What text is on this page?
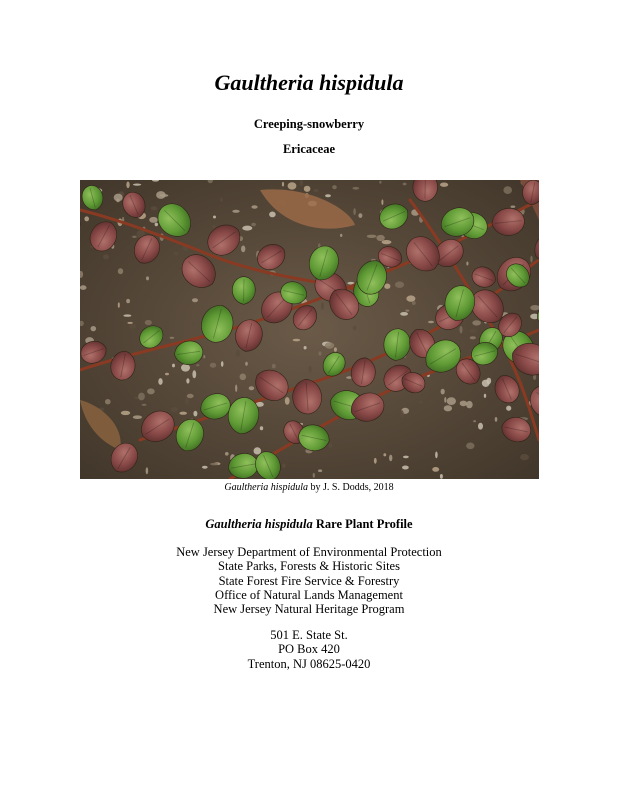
Gaultheria hispidula
Creeping-snowberry
Ericaceae
Gaultheria hispidula by J. S. Dodds, 2018
Gaultheria hispidula Rare Plant Profile
New Jersey Department of Environmental Protection
State Parks, Forests & Historic Sites
State Forest Fire Service & Forestry
Office of Natural Lands Management
New Jersey Natural Heritage Program
501 E. State St.
PO Box 420
Trenton, NJ 08625-0420
